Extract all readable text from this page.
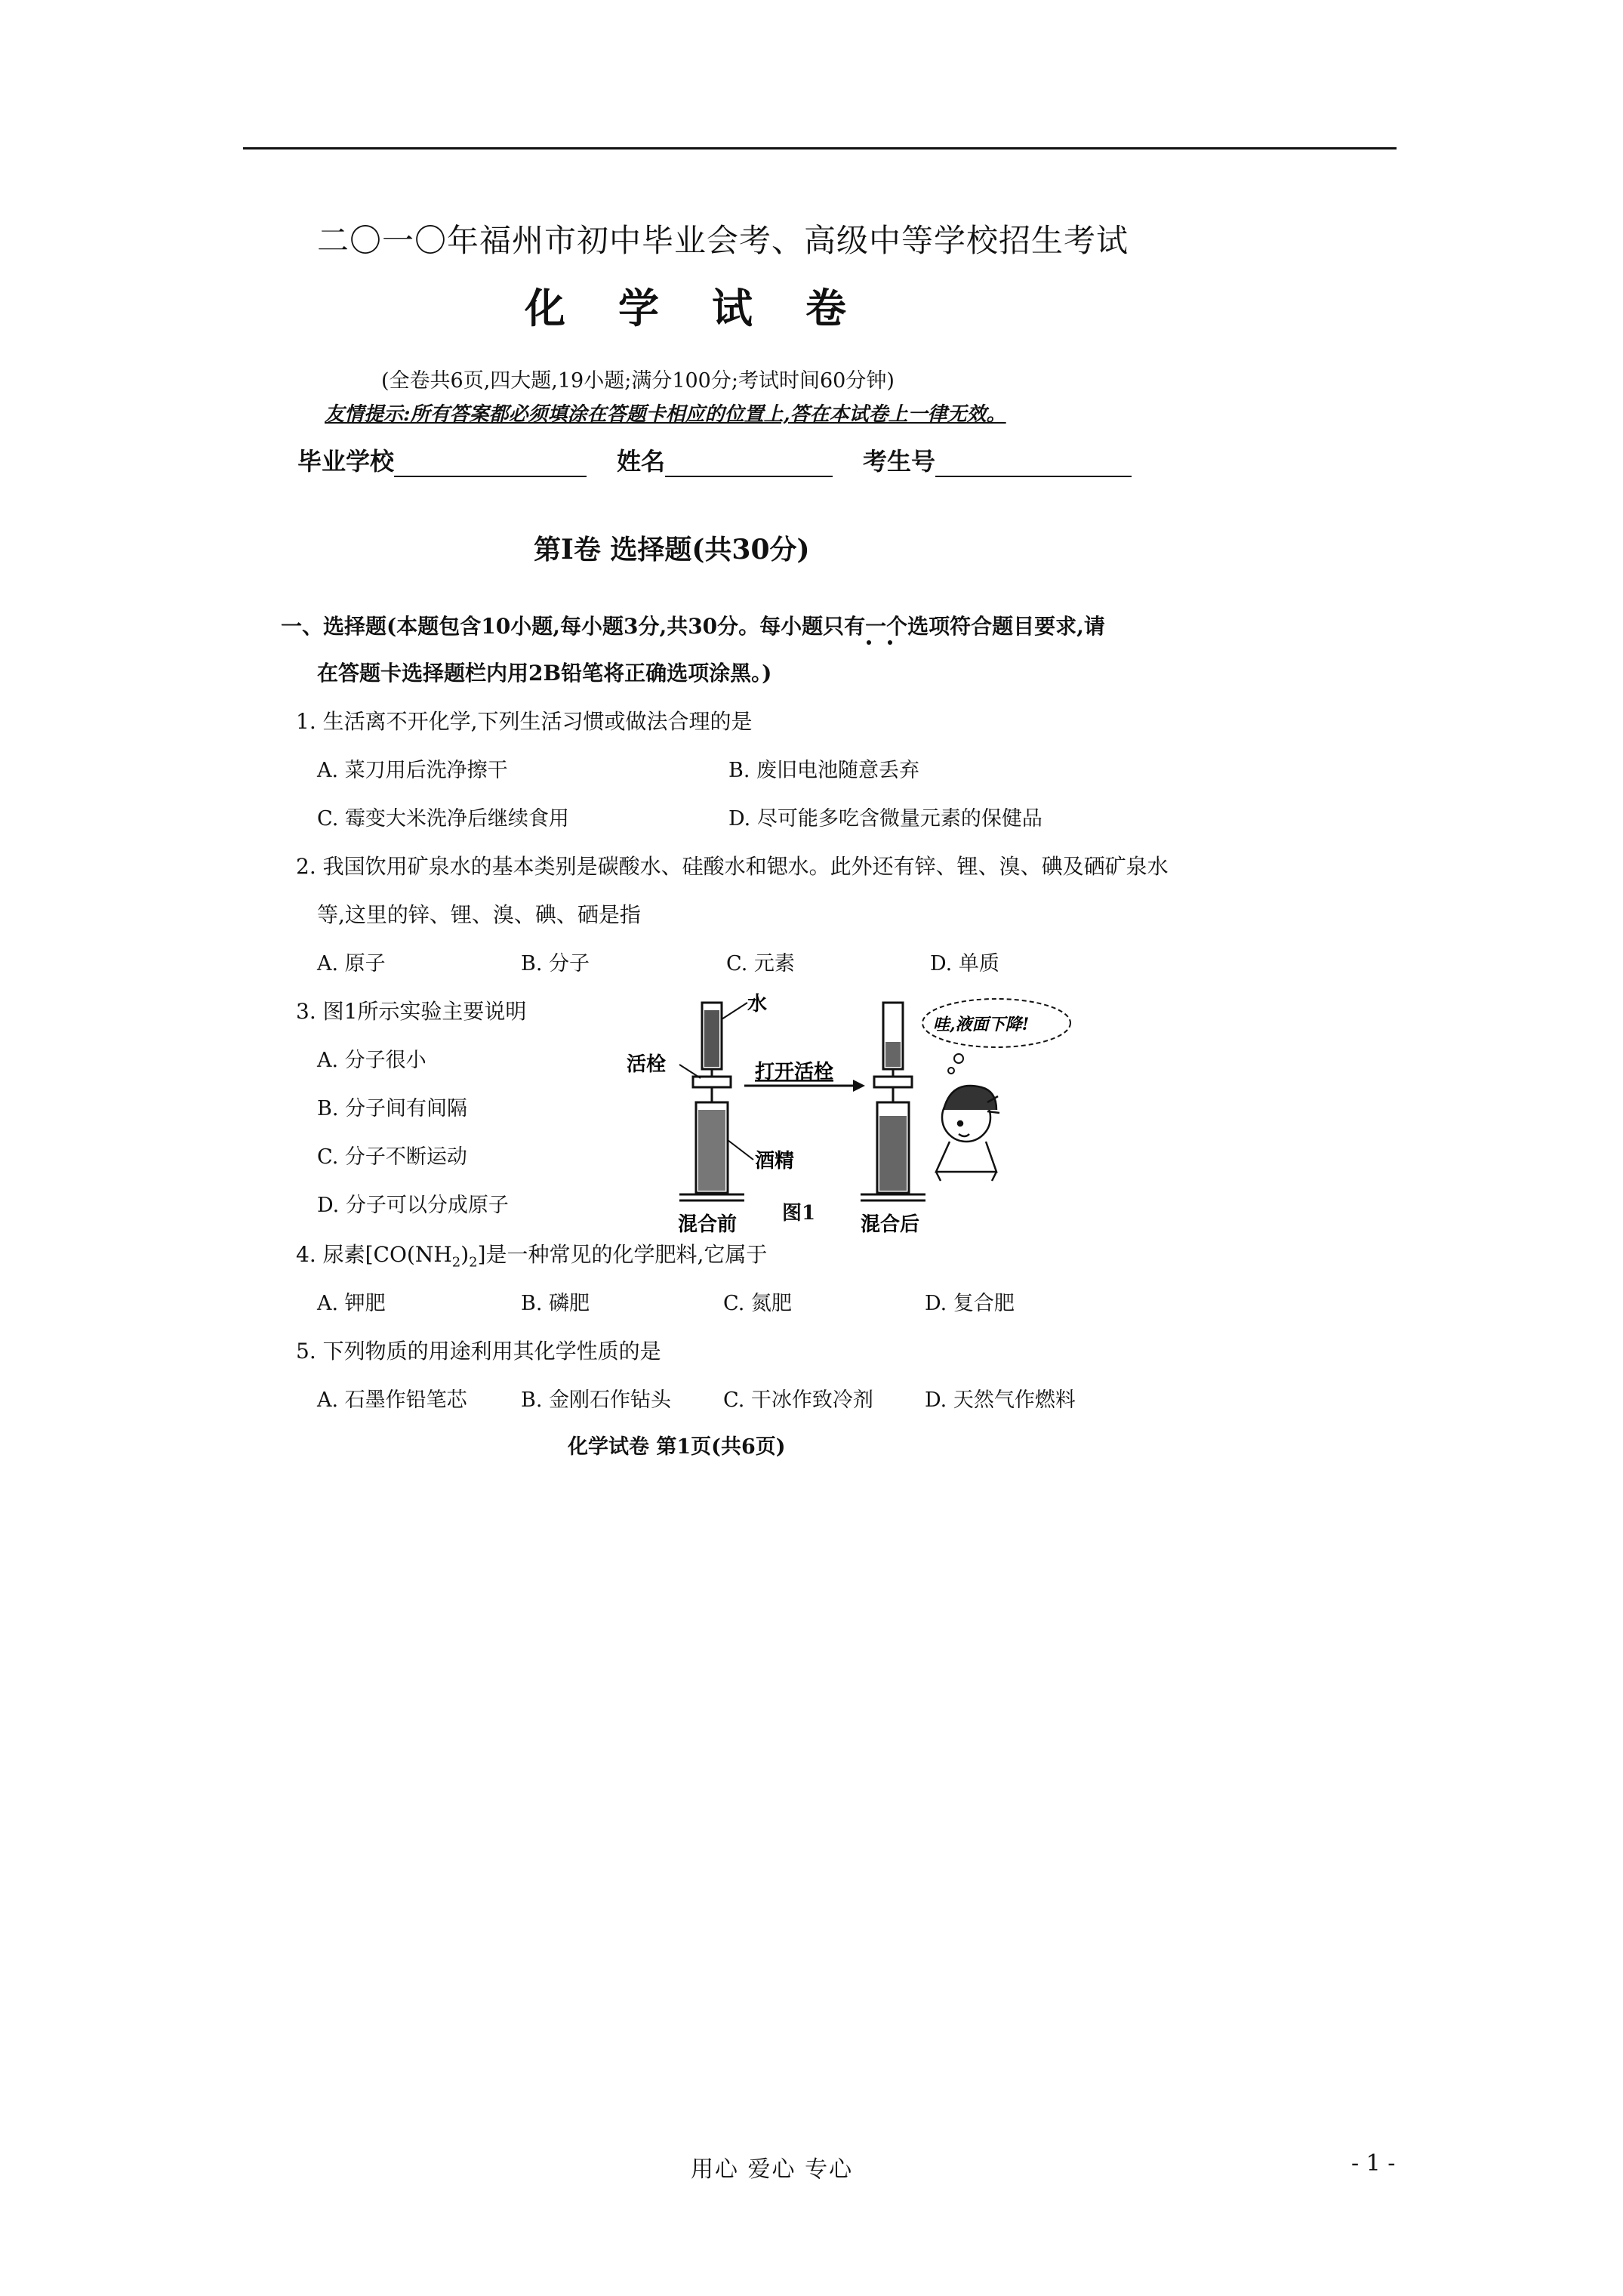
二〇一〇年福州市初中毕业会考、高级中等学校招生考试
化学试卷
(全卷共6页,四大题,19小题;满分100分;考试时间60分钟)
友情提示:所有答案都必须填涂在答题卡相应的位置上,答在本试卷上一律无效。
毕业学校	姓名	考生号
第Ⅰ卷 选择题(共30分)
一、选择题(本题包含10小题,每小题3分,共30分。每小题只有一个选项符合题目要求,请
在答题卡选择题栏内用2B铅笔将正确选项涂黑。)
1. 生活离不开化学,下列生活习惯或做法合理的是
A. 菜刀用后洗净擦干	B. 废旧电池随意丢弃
C. 霉变大米洗净后继续食用	D. 尽可能多吃含微量元素的保健品
2. 我国饮用矿泉水的基本类别是碳酸水、硅酸水和锶水。此外还有锌、锂、溴、碘及硒矿泉水
等,这里的锌、锂、溴、碘、硒是指
A. 原子	B. 分子	C. 元素	D. 单质
3. 图1所示实验主要说明
A. 分子很小
B. 分子间有间隔
C. 分子不断运动
D. 分子可以分成原子
水
活栓	打开活栓
酒精
混合前	混合后
哇,液面下降!
图1
4. 尿素$[CO(NH_2)_2]$是一种常见的化学肥料,它属于
A. 钾肥	B. 磷肥	C. 氮肥	D. 复合肥
5. 下列物质的用途利用其化学性质的是
A. 石墨作铅笔芯	B. 金刚石作钻头	C. 干冰作致冷剂	D. 天然气作燃料
化学试卷 第1页(共6页)
用心 爱心 专心	- 1 -
